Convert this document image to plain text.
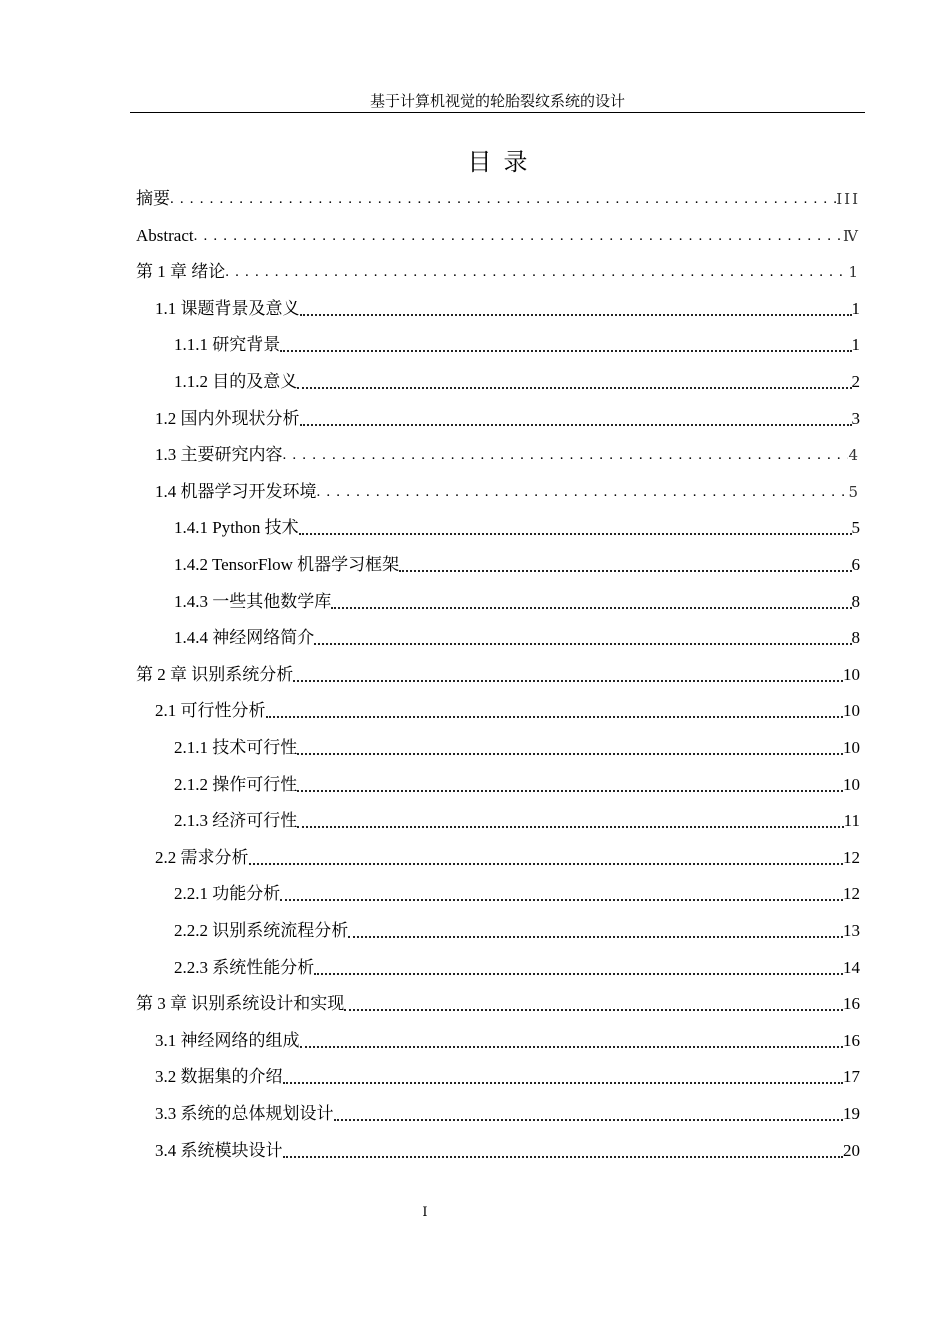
基于计算机视觉的轮胎裂纹系统的设计
目录
摘要 . . .	III
Abstract . . .	Ⅳ
第 1 章 绪论 . . .	1
1.1 课题背景及意义	1
1.1.1 研究背景	1
1.1.2 目的及意义	2
1.2 国内外现状分析	3
1.3 主要研究内容 . . .	4
1.4 机器学习开发环境 . . .	5
1.4.1 Python 技术	5
1.4.2 TensorFlow 机器学习框架	6
1.4.3 一些其他数学库	8
1.4.4 神经网络简介	8
第 2 章 识别系统分析	10
2.1 可行性分析	10
2.1.1 技术可行性	10
2.1.2 操作可行性	10
2.1.3 经济可行性	11
2.2 需求分析	12
2.2.1 功能分析	12
2.2.2 识别系统流程分析	13
2.2.3 系统性能分析	14
第 3 章 识别系统设计和实现	16
3.1 神经网络的组成	16
3.2 数据集的介绍	17
3.3 系统的总体规划设计	19
3.4 系统模块设计	20
I
